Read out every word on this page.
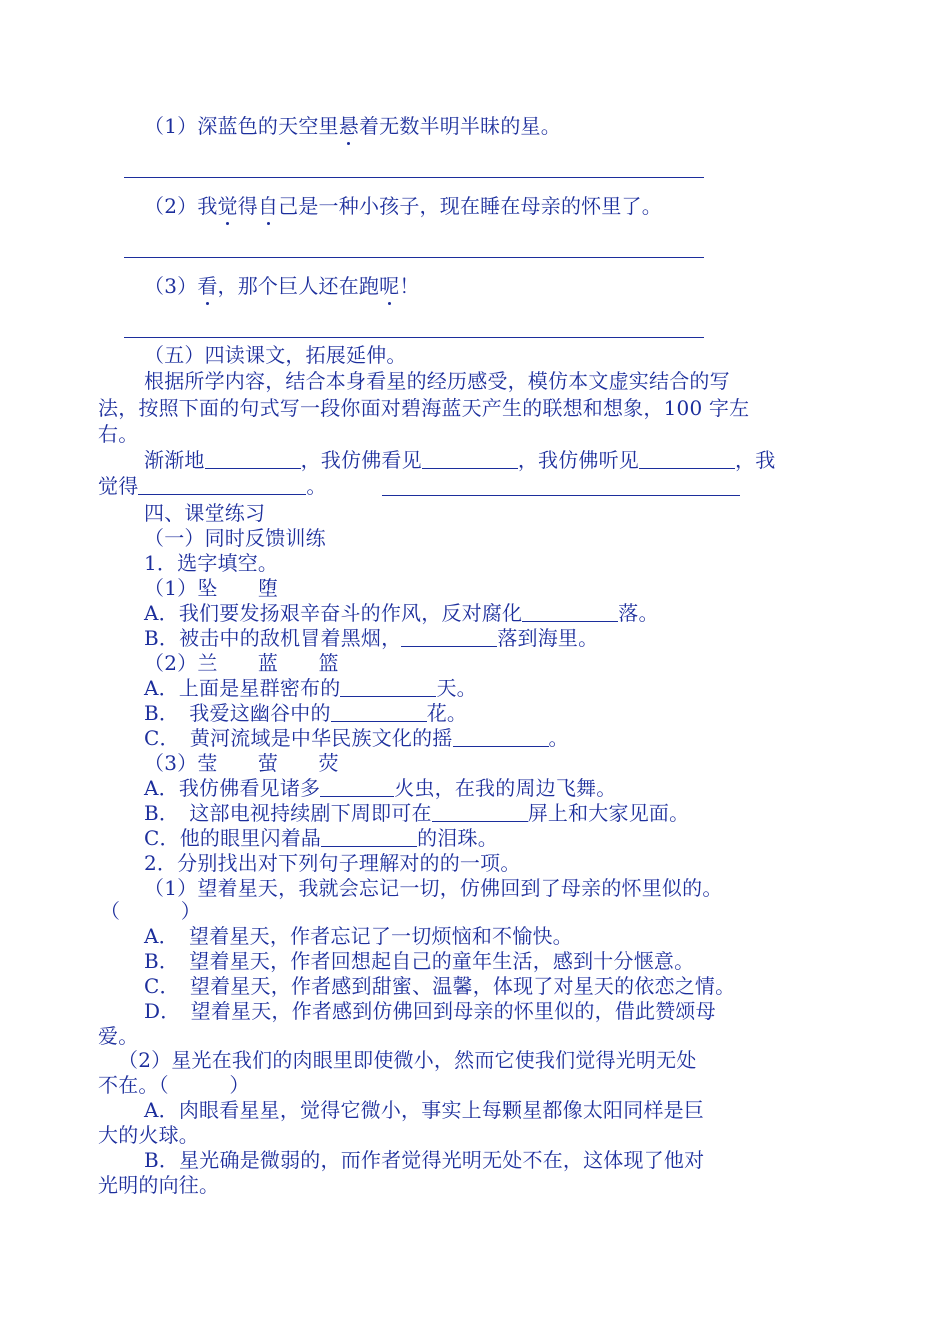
（1）深蓝色的天空里悬着无数半明半昧的星。
（2）我觉得自己是一种小孩子，现在睡在母亲的怀里了。
（3）看，那个巨人还在跑呢！
（五）四读课文，拓展延伸。
根据所学内容，结合本身看星的经历感受，模仿本文虚实结合的写
法，按照下面的句式写一段你面对碧海蓝天产生的联想和想象，100 字左
右。
渐渐地	，我仿佛看见	，我仿佛听见	，我
觉得	。
四、课堂练习
（一）同时反馈训练
1．选字填空。
（1）坠　　堕
A．我们要发扬艰辛奋斗的作风，反对腐化	落。
B．被击中的敌机冒着黑烟，	落到海里。
（2）兰　　蓝　　篮
A．上面是星群密布的	天。
B．　我爱这幽谷中的	花。
C．　黄河流域是中华民族文化的摇	。
（3）莹　　萤　　荧
A．我仿佛看见诸多	火虫，在我的周边飞舞。
B．　这部电视持续剧下周即可在	屏上和大家见面。
C．他的眼里闪着晶	的泪珠。
2．分别找出对下列句子理解对的的一项。
（1）望着星天，我就会忘记一切，仿佛回到了母亲的怀里似的。
（　　　）
A．　望着星天，作者忘记了一切烦恼和不愉快。
B．　望着星天，作者回想起自己的童年生活，感到十分惬意。
C．　望着星天，作者感到甜蜜、温馨，体现了对星天的依恋之情。
D．　望着星天，作者感到仿佛回到母亲的怀里似的，借此赞颂母
爱。
（2）星光在我们的肉眼里即使微小，然而它使我们觉得光明无处
不在。（　　　）
A．肉眼看星星，觉得它微小，事实上每颗星都像太阳同样是巨
大的火球。
B．星光确是微弱的，而作者觉得光明无处不在，这体现了他对
光明的向往。
